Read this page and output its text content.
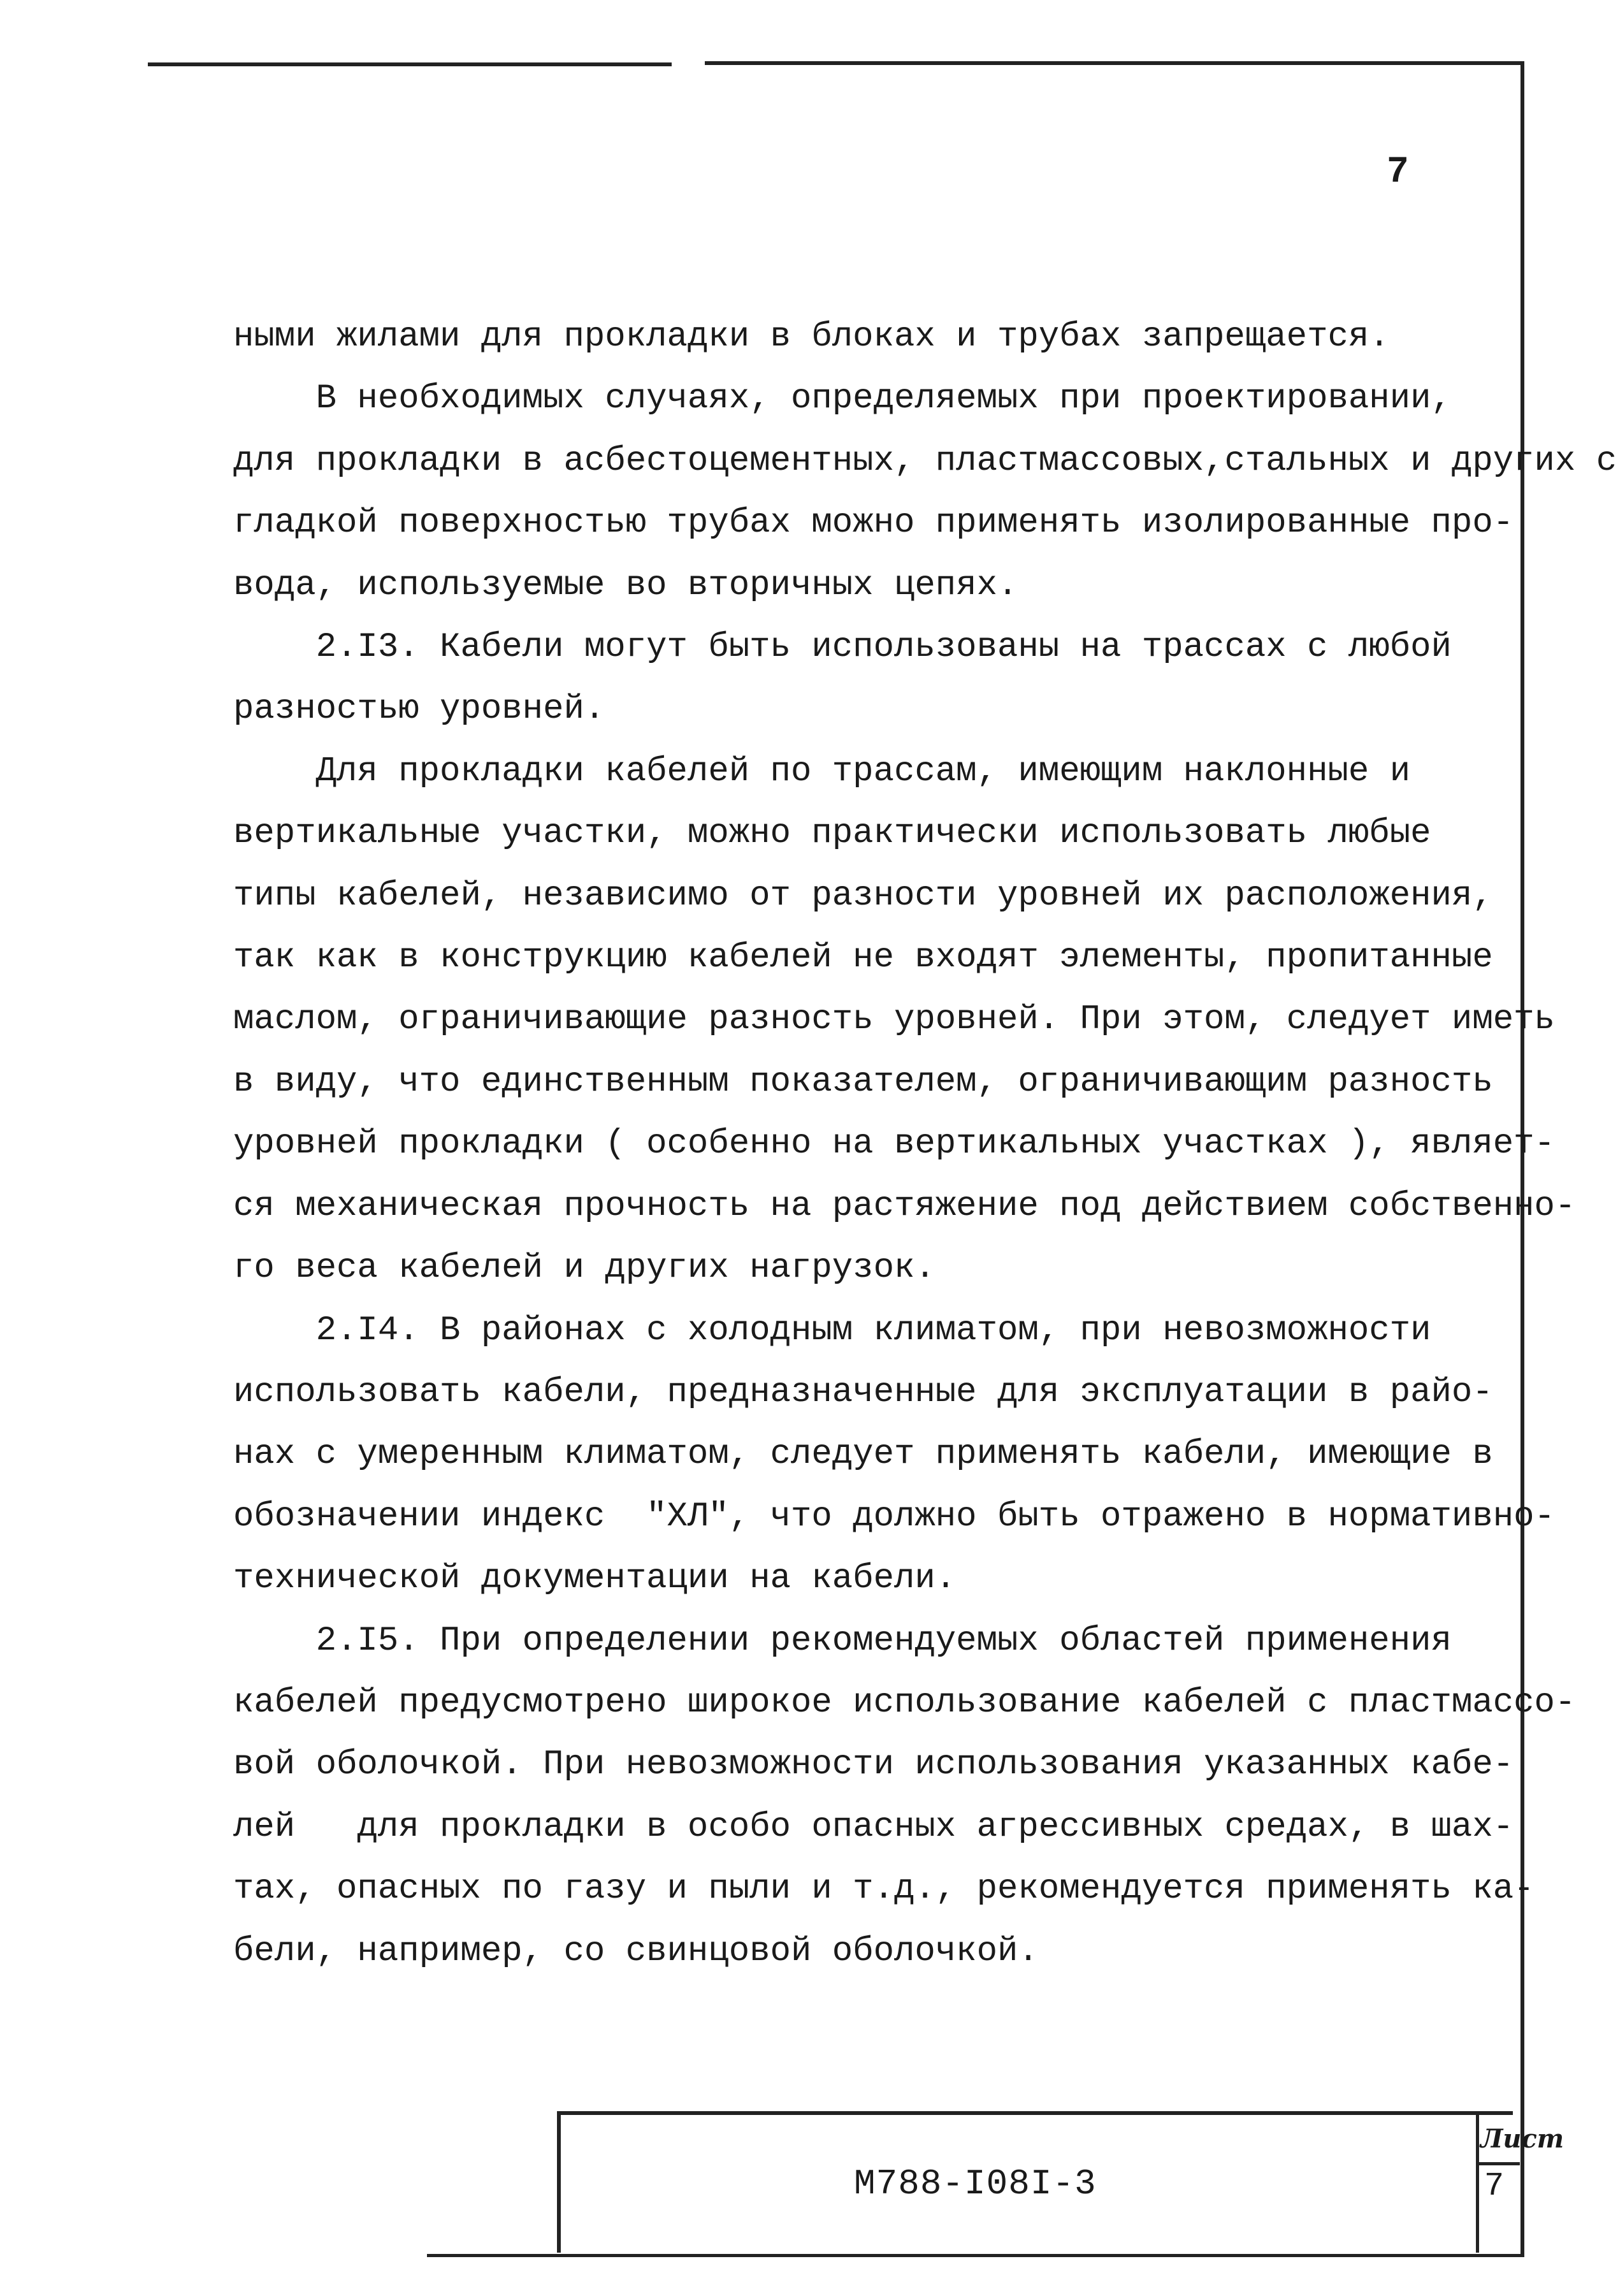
7
ными жилами для прокладки в блоках и трубах запрещается.
В необходимых случаях, определяемых при проектировании,
для прокладки в асбестоцементных, пластмассовых,стальных и других с
гладкой поверхностью трубах можно применять изолированные про-
вода, используемые во вторичных цепях.
2.I3. Кабели могут быть использованы на трассах с любой
разностью уровней.
Для прокладки кабелей по трассам, имеющим наклонные и
вертикальные участки, можно практически использовать любые
типы кабелей, независимо от разности уровней их расположения,
так как в конструкцию кабелей не входят элементы, пропитанные
маслом, ограничивающие разность уровней. При этом, следует иметь
в виду, что единственным показателем, ограничивающим разность
уровней прокладки ( особенно на вертикальных участках ), являет-
ся механическая прочность на растяжение под действием собственно-
го веса кабелей и других нагрузок.
2.I4. В районах с холодным климатом, при невозможности
использовать кабели, предназначенные для эксплуатации в райо-
нах с умеренным климатом, следует применять кабели, имеющие в
обозначении индекс  "ХЛ", что должно быть отражено в нормативно-
технической документации на кабели.
2.I5. При определении рекомендуемых областей применения
кабелей предусмотрено широкое использование кабелей с пластмассо-
вой оболочкой. При невозможности использования указанных кабе-
лей   для прокладки в особо опасных агрессивных средах, в шах-
тах, опасных по газу и пыли и т.д., рекомендуется применять ка-
бели, например, со свинцовой оболочкой.
М788-I08I-3
Лист
7
